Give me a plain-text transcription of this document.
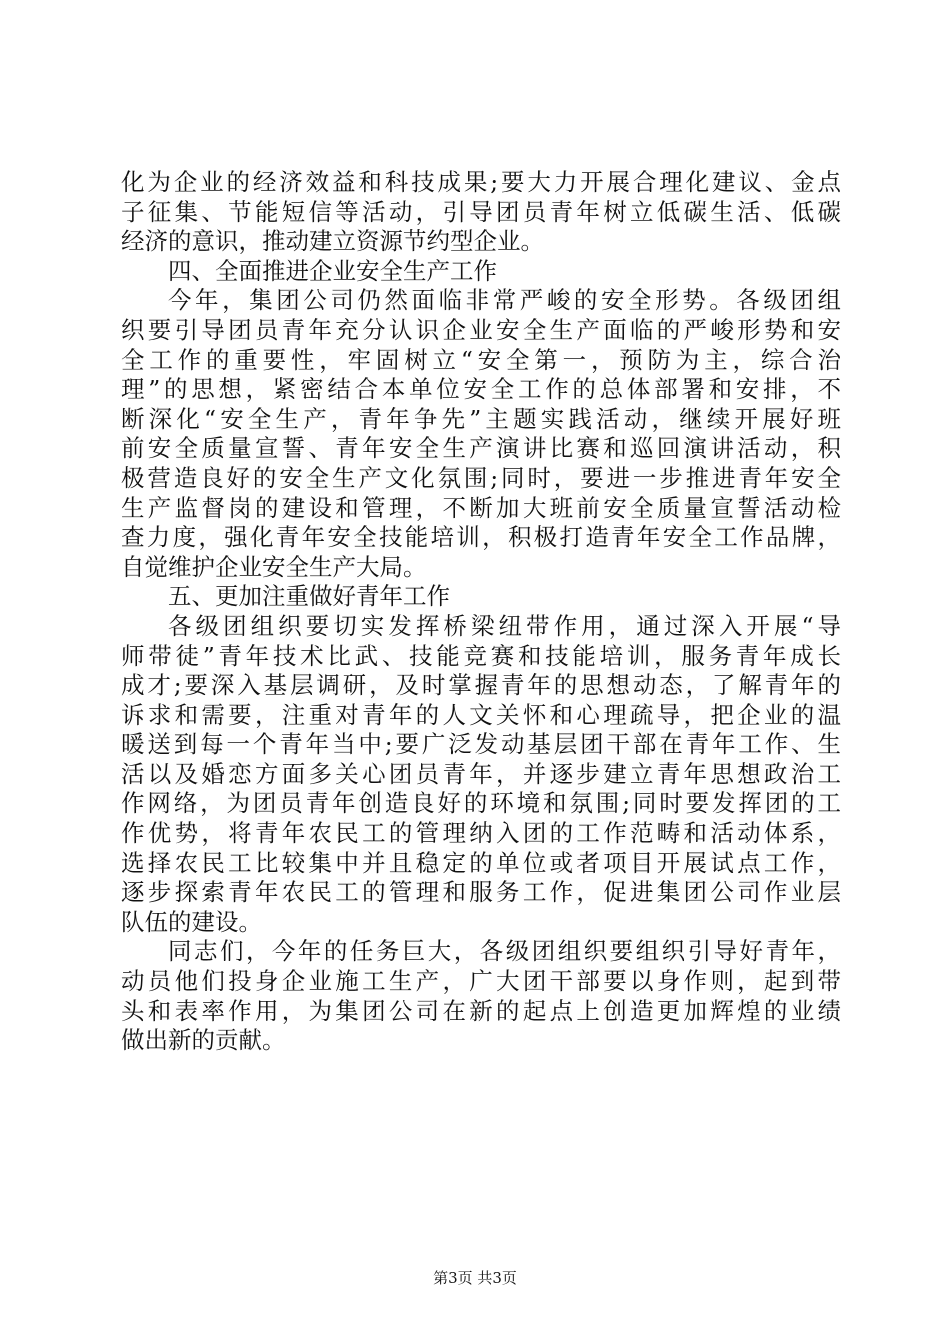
化为企业的经济效益和科技成果;要大力开展合理化建议、金点
子征集、节能短信等活动，引导团员青年树立低碳生活、低碳
经济的意识，推动建立资源节约型企业。
四、全面推进企业安全生产工作
今年，集团公司仍然面临非常严峻的安全形势。各级团组
织要引导团员青年充分认识企业安全生产面临的严峻形势和安
全工作的重要性，牢固树立“安全第一，预防为主，综合治
理”的思想，紧密结合本单位安全工作的总体部署和安排，不
断深化“安全生产，青年争先”主题实践活动，继续开展好班
前安全质量宣誓、青年安全生产演讲比赛和巡回演讲活动，积
极营造良好的安全生产文化氛围;同时，要进一步推进青年安全
生产监督岗的建设和管理，不断加大班前安全质量宣誓活动检
查力度，强化青年安全技能培训，积极打造青年安全工作品牌，
自觉维护企业安全生产大局。
五、更加注重做好青年工作
各级团组织要切实发挥桥梁纽带作用，通过深入开展“导
师带徒”青年技术比武、技能竞赛和技能培训，服务青年成长
成才;要深入基层调研，及时掌握青年的思想动态，了解青年的
诉求和需要，注重对青年的人文关怀和心理疏导，把企业的温
暖送到每一个青年当中;要广泛发动基层团干部在青年工作、生
活以及婚恋方面多关心团员青年，并逐步建立青年思想政治工
作网络，为团员青年创造良好的环境和氛围;同时要发挥团的工
作优势，将青年农民工的管理纳入团的工作范畴和活动体系，
选择农民工比较集中并且稳定的单位或者项目开展试点工作，
逐步探索青年农民工的管理和服务工作，促进集团公司作业层
队伍的建设。
同志们，今年的任务巨大，各级团组织要组织引导好青年，
动员他们投身企业施工生产，广大团干部要以身作则，起到带
头和表率作用，为集团公司在新的起点上创造更加辉煌的业绩
做出新的贡献。
第3页 共3页
